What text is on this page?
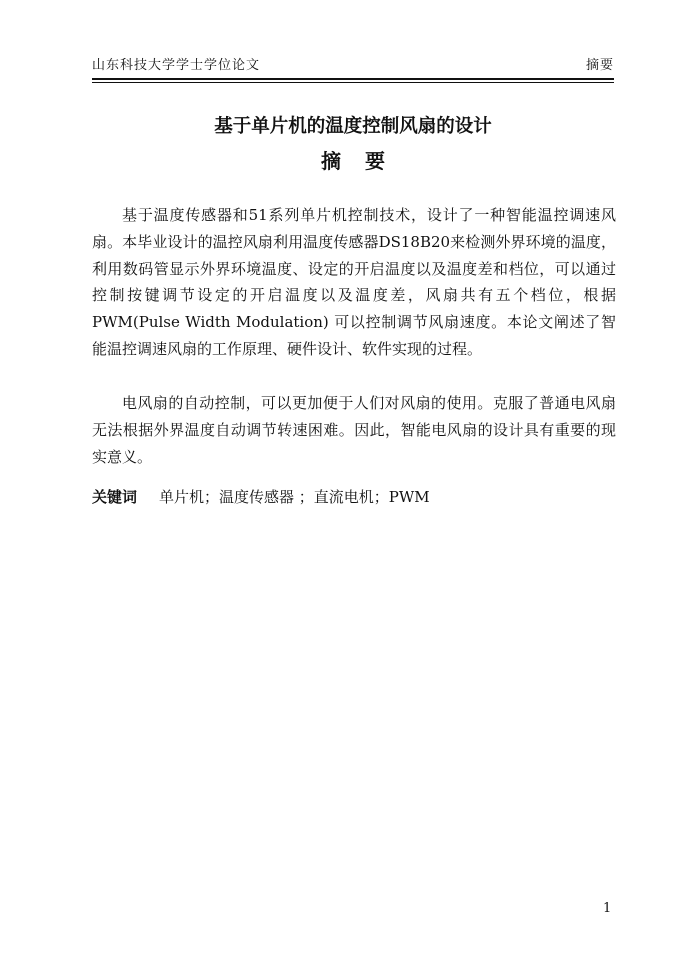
山东科技大学学士学位论文	摘要
基于单片机的温度控制风扇的设计
摘 要

基于温度传感器和51系列单片机控制技术，设计了一种智能温控调速风扇。本毕业设计的温控风扇利用温度传感器DS18B20来检测外界环境的温度，利用数码管显示外界环境温度、设定的开启温度以及温度差和档位，可以通过控制按键调节设定的开启温度以及温度差，风扇共有五个档位，根据PWM(Pulse Width Modulation) 可以控制调节风扇速度。本论文阐述了智能温控调速风扇的工作原理、硬件设计、软件实现的过程。

电风扇的自动控制，可以更加便于人们对风扇的使用。克服了普通电风扇无法根据外界温度自动调节转速困难。因此，智能电风扇的设计具有重要的现实意义。

关键词 单片机；温度传感器 ；直流电机；PWM
1
